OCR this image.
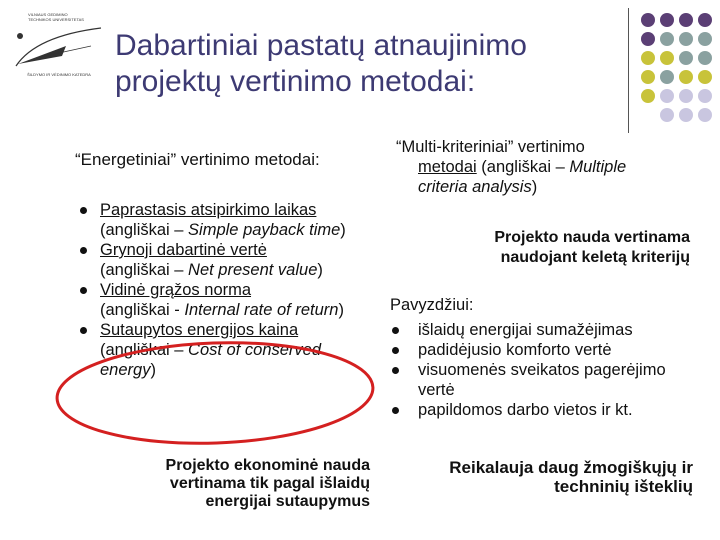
VILNIAUS GEDIMINO TECHNIKOS UNIVERSITETAS
ŠILDYMO IR VĖDINIMO KATEDRA
Dabartiniai pastatų atnaujinimo projektų vertinimo metodai:
“Energetiniai” vertinimo metodai:
Paprastasis atsipirkimo laikas
(angliškai – Simple payback time)
Grynoji dabartinė vertė
(angliškai – Net present value)
Vidinė grąžos norma
(angliškai - Internal rate of return)
Sutaupytos energijos kaina
(angliškai – Cost of conserved energy)
Projekto ekonominė nauda vertinama tik pagal išlaidų energijai sutaupymus
“Multi-kriteriniai” vertinimo
metodai (angliškai – Multiple
criteria analysis)
Projekto nauda vertinama naudojant keletą kriterijų
Pavyzdžiui:
išlaidų energijai sumažėjimas
padidėjusio komforto vertė
visuomenės sveikatos pagerėjimo vertė
papildomos darbo vietos ir kt.
Reikalauja daug žmogiškųjų ir techninių išteklių
